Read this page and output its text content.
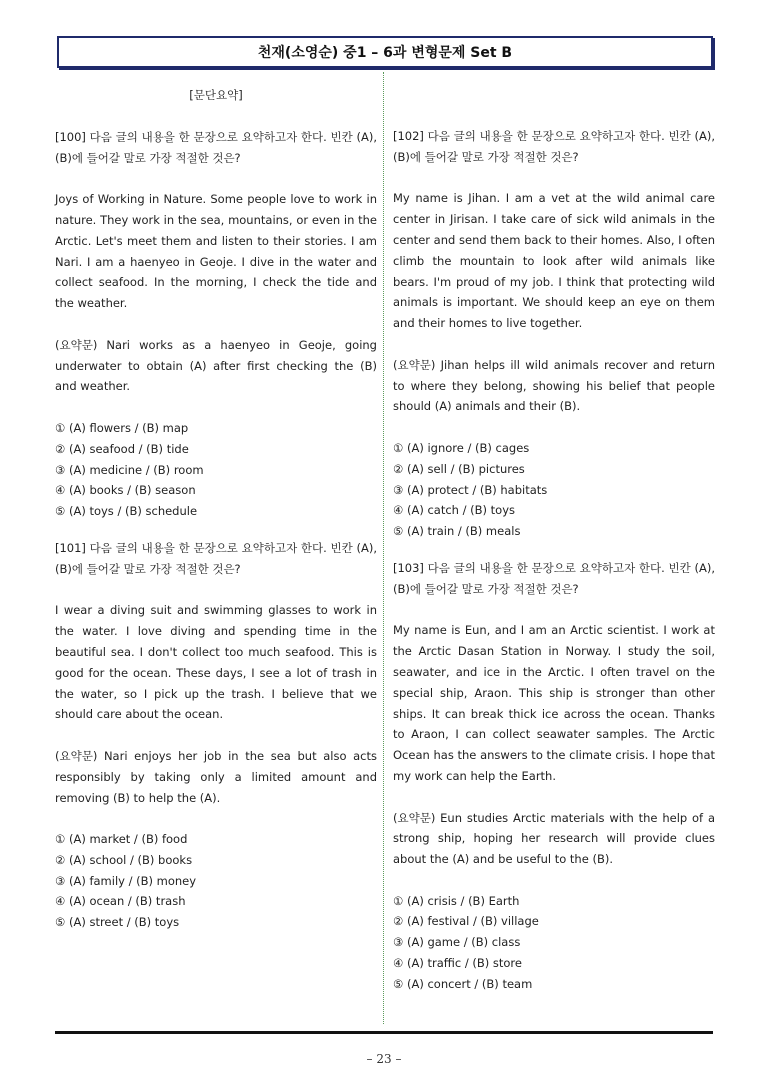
천재(소영순) 중1 – 6과 변형문제 Set B
[문단요약]

[100] 다음 글의 내용을 한 문장으로 요약하고자 한다. 빈칸 (A), (B)에 들어갈 말로 가장 적절한 것은?

Joys of Working in Nature. Some people love to work in nature. They work in the sea, mountains, or even in the Arctic. Let's meet them and listen to their stories. I am Nari. I am a haenyeo in Geoje. I dive in the water and collect seafood. In the morning, I check the tide and the weather.

(요약문) Nari works as a haenyeo in Geoje, going underwater to obtain (A) after first checking the (B) and weather.

① (A) flowers / (B) map
② (A) seafood / (B) tide
③ (A) medicine / (B) room
④ (A) books / (B) season
⑤ (A) toys / (B) schedule

[101] 다음 글의 내용을 한 문장으로 요약하고자 한다. 빈칸 (A), (B)에 들어갈 말로 가장 적절한 것은?

I wear a diving suit and swimming glasses to work in the water. I love diving and spending time in the beautiful sea. I don't collect too much seafood. This is good for the ocean. These days, I see a lot of trash in the water, so I pick up the trash. I believe that we should care about the ocean.

(요약문) Nari enjoys her job in the sea but also acts responsibly by taking only a limited amount and removing (B) to help the (A).

① (A) market / (B) food
② (A) school / (B) books
③ (A) family / (B) money
④ (A) ocean / (B) trash
⑤ (A) street / (B) toys

[102] 다음 글의 내용을 한 문장으로 요약하고자 한다. 빈칸 (A), (B)에 들어갈 말로 가장 적절한 것은?

My name is Jihan. I am a vet at the wild animal care center in Jirisan. I take care of sick wild animals in the center and send them back to their homes. Also, I often climb the mountain to look after wild animals like bears. I'm proud of my job. I think that protecting wild animals is important. We should keep an eye on them and their homes to live together.

(요약문) Jihan helps ill wild animals recover and return to where they belong, showing his belief that people should (A) animals and their (B).

① (A) ignore / (B) cages
② (A) sell / (B) pictures
③ (A) protect / (B) habitats
④ (A) catch / (B) toys
⑤ (A) train / (B) meals

[103] 다음 글의 내용을 한 문장으로 요약하고자 한다. 빈칸 (A), (B)에 들어갈 말로 가장 적절한 것은?

My name is Eun, and I am an Arctic scientist. I work at the Arctic Dasan Station in Norway. I study the soil, seawater, and ice in the Arctic. I often travel on the special ship, Araon. This ship is stronger than other ships. It can break thick ice across the ocean. Thanks to Araon, I can collect seawater samples. The Arctic Ocean has the answers to the climate crisis. I hope that my work can help the Earth.

(요약문) Eun studies Arctic materials with the help of a strong ship, hoping her research will provide clues about the (A) and be useful to the (B).

① (A) crisis / (B) Earth
② (A) festival / (B) village
③ (A) game / (B) class
④ (A) traffic / (B) store
⑤ (A) concert / (B) team
– 23 –
